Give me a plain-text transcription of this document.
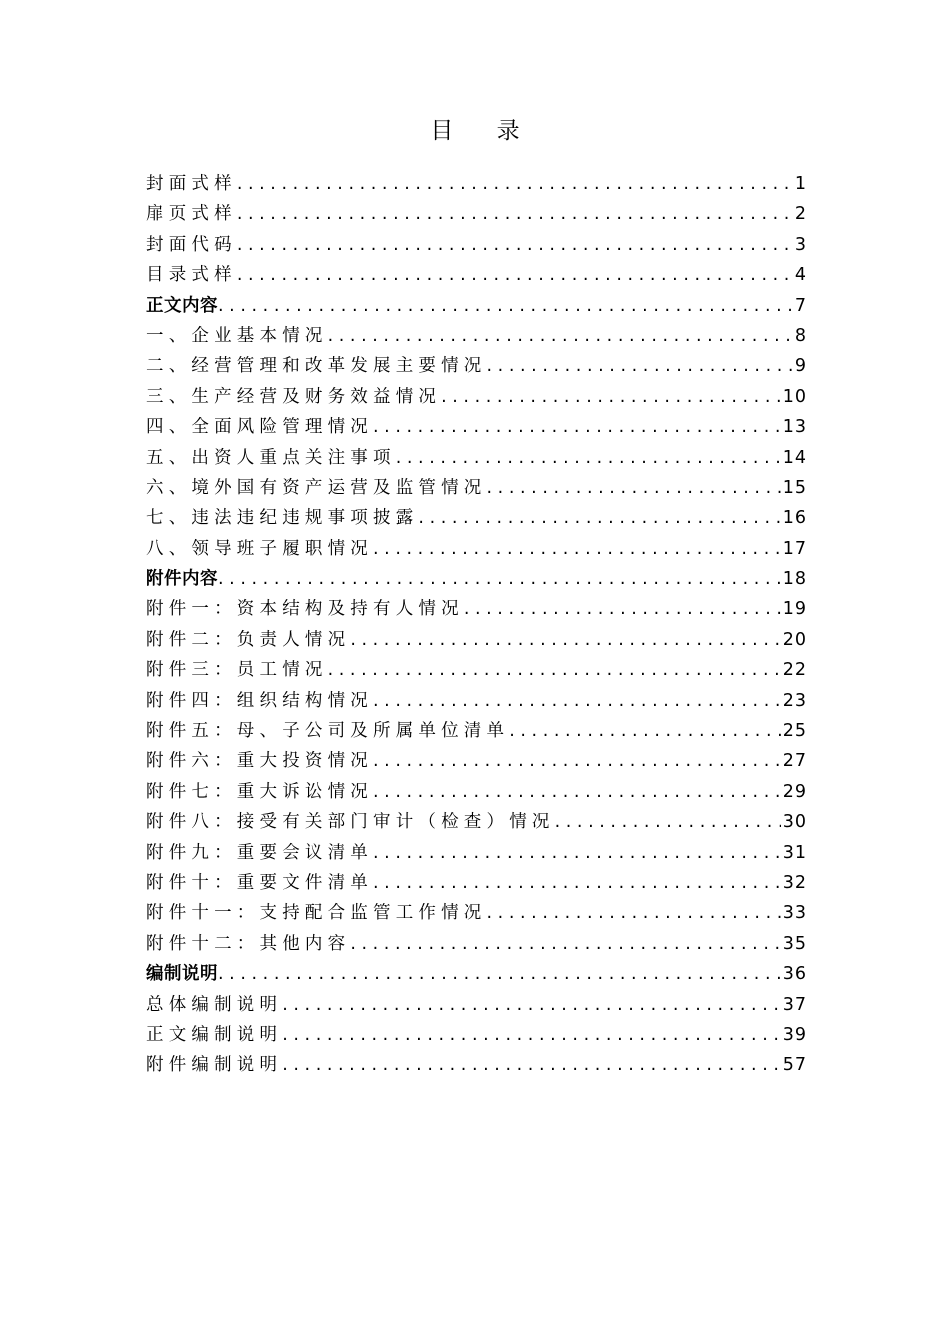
目 录
封面式样 .....	1
扉页式样 .....	2
封面代码 .....	3
目录式样 .....	4
正文内容 .....	7
一、企业基本情况 .....	8
二、经营管理和改革发展主要情况 .....	9
三、生产经营及财务效益情况 .....	10
四、全面风险管理情况 .....	13
五、出资人重点关注事项 .....	14
六、境外国有资产运营及监管情况 .....	15
七、违法违纪违规事项披露 .....	16
八、领导班子履职情况 .....	17
附件内容 .....	18
附件一：资本结构及持有人情况 .....	19
附件二：负责人情况 .....	20
附件三：员工情况 .....	22
附件四：组织结构情况 .....	23
附件五：母、子公司及所属单位清单 .....	25
附件六：重大投资情况 .....	27
附件七：重大诉讼情况 .....	29
附件八：接受有关部门审计（检查）情况 .....	30
附件九：重要会议清单 .....	31
附件十：重要文件清单 .....	32
附件十一：支持配合监管工作情况 .....	33
附件十二：其他内容 .....	35
编制说明 .....	36
总体编制说明 .....	37
正文编制说明 .....	39
附件编制说明 .....	57
